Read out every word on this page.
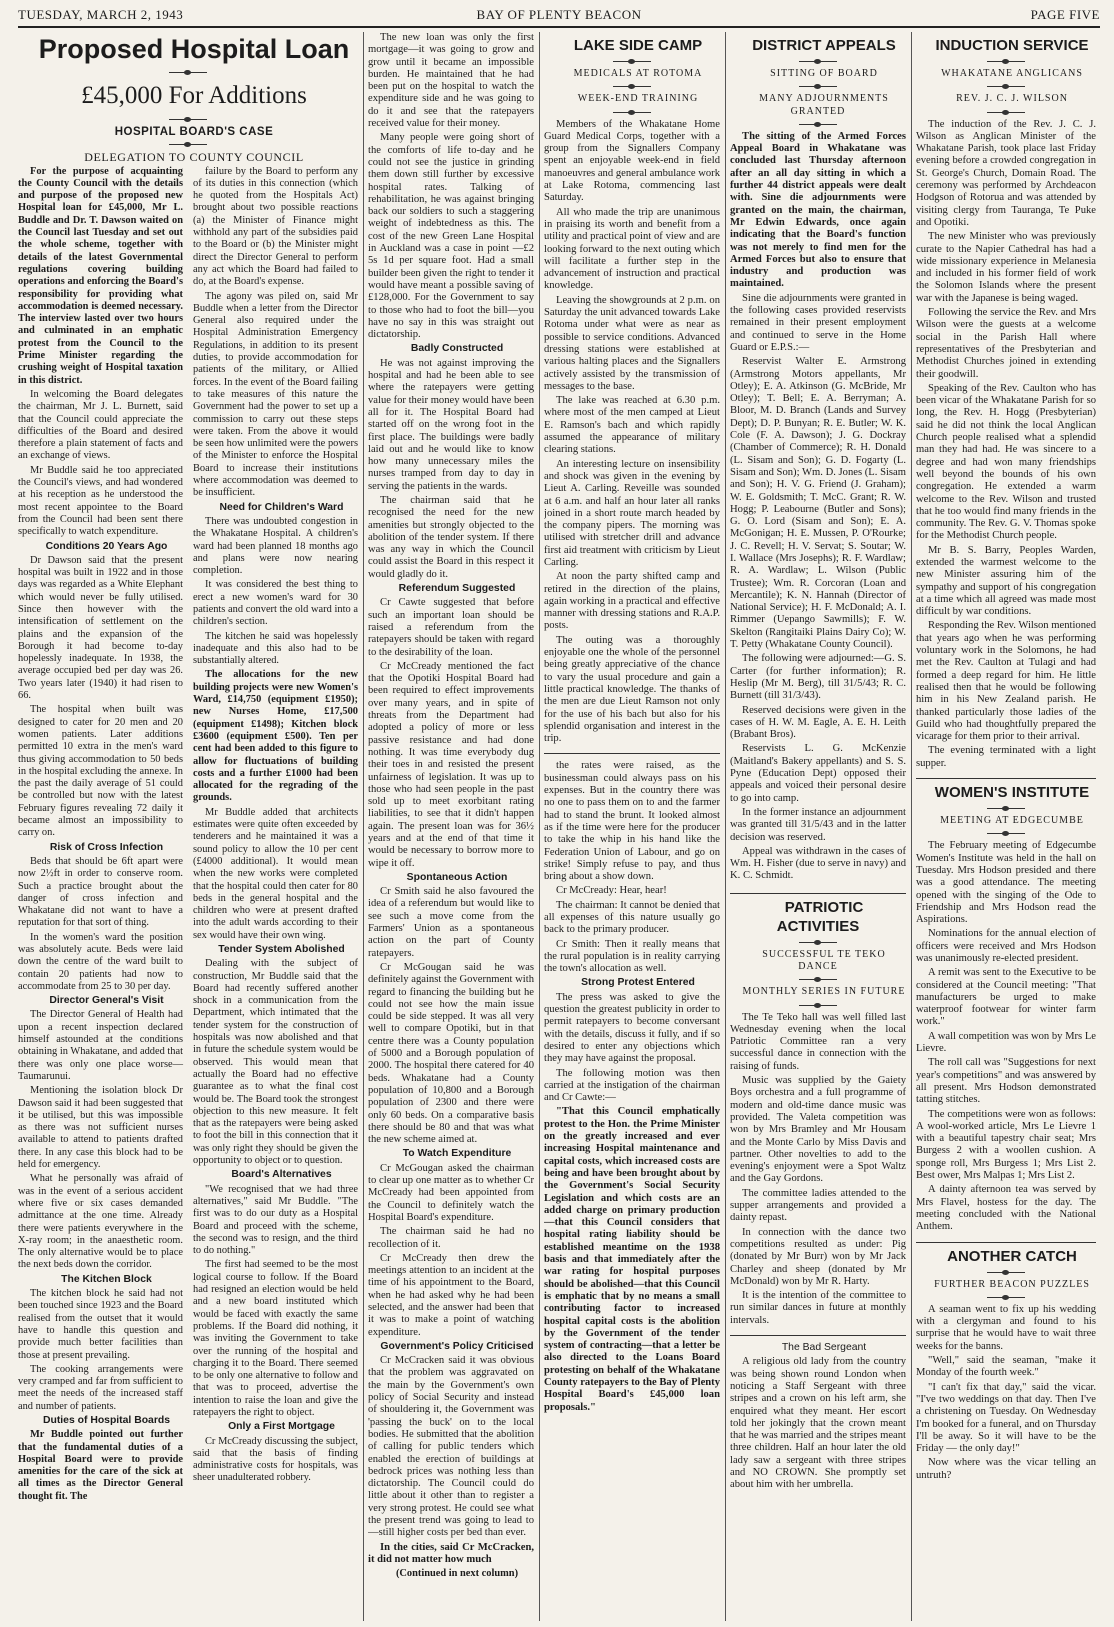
TUESDAY, MARCH 2, 1943	BAY OF PLENTY BEACON	PAGE FIVE

Proposed Hospital Loan

£45,000 For Additions

HOSPITAL BOARD'S CASE

DELEGATION TO COUNTY COUNCIL

For the purpose of acquainting the County Council with the details and purpose of the proposed new Hospital loan for £45,000, Mr L. Buddle and Dr. T. Dawson waited on the Council last Tuesday and set out the whole scheme, together with details of the latest Governmental regulations covering building operations and enforcing the Board's responsibility for providing what accommodation is deemed necessary. The interview lasted over two hours and culminated in an emphatic protest from the Council to the Prime Minister regarding the crushing weight of Hospital taxation in this district.

In welcoming the Board delegates the chairman, Mr J. L. Burnett, said that the Council could appreciate the difficulties of the Board and desired therefore a plain statement of facts and an exchange of views.

Mr Buddle said he too appreciated the Council's views, and had wondered at his reception as he understood the most recent appointee to the Board from the Council had been sent there specifically to watch expenditure.

Conditions 20 Years Ago

Dr Dawson said that the present hospital was built in 1922 and in those days was regarded as a White Elephant which would never be fully utilised. Since then however with the intensification of settlement on the plains and the expansion of the Borough it had become to-day hopelessly inadequate. In 1938, the average occupied bed per day was 26. Two years later (1940) it had risen to 66.

The hospital when built was designed to cater for 20 men and 20 women patients. Later additions permitted 10 extra in the men's ward thus giving accommodation to 50 beds in the hospital excluding the annexe. In the past the daily average of 51 could be controlled but now with the latest February figures revealing 72 daily it became almost an impossibility to carry on.

Risk of Cross Infection

Beds that should be 6ft apart were now 2½ft in order to conserve room. Such a practice brought about the danger of cross infection and Whakatane did not want to have a reputation for that sort of thing.

In the women's ward the position was absolutely acute. Beds were laid down the centre of the ward built to contain 20 patients had now to accommodate from 25 to 30 per day.

Director General's Visit

The Director General of Health had upon a recent inspection declared himself astounded at the conditions obtaining in Whakatane, and added that there was only one place worse—Taumarunui.

Mentioning the isolation block Dr Dawson said it had been suggested that it be utilised, but this was impossible as there was not sufficient nurses available to attend to patients drafted there. In any case this block had to be held for emergency.

What he personally was afraid of was in the event of a serious accident where five or six cases demanded admittance at the one time. Already there were patients everywhere in the X-ray room; in the anaesthetic room. The only alternative would be to place the next beds down the corridor.

The Kitchen Block

The kitchen block he said had not been touched since 1923 and the Board realised from the outset that it would have to handle this question and provide much better facilities than those at present prevailing.

The cooking arrangements were very cramped and far from sufficient to meet the needs of the increased staff and number of patients.

Duties of Hospital Boards

Mr Buddle pointed out further that the fundamental duties of a Hospital Board were to provide amenities for the care of the sick at all times as the Director General thought fit. The

failure by the Board to perform any of its duties in this connection (which he quoted from the Hospitals Act) brought about two possible reactions (a) the Minister of Finance might withhold any part of the subsidies paid to the Board or (b) the Minister might direct the Director General to perform any act which the Board had failed to do, at the Board's expense.

The agony was piled on, said Mr Buddle when a letter from the Director General also required under the Hospital Administration Emergency Regulations, in addition to its present duties, to provide accommodation for patients of the military, or Allied forces. In the event of the Board failing to take measures of this nature the Government had the power to set up a commission to carry out these steps were taken. From the above it would be seen how unlimited were the powers of the Minister to enforce the Hospital Board to increase their institutions where accommodation was deemed to be insufficient.

Need for Children's Ward

There was undoubted congestion in the Whakatane Hospital. A children's ward had been planned 18 months ago and plans were now nearing completion.

It was considered the best thing to erect a new women's ward for 30 patients and convert the old ward into a children's section.

The kitchen he said was hopelessly inadequate and this also had to be substantially altered.

The allocations for the new building projects were new Women's Ward, £14,750 (equipment £1950); new Nurses Home, £17,500 (equipment £1498); Kitchen block £3600 (equipment £500). Ten per cent had been added to this figure to allow for fluctuations of building costs and a further £1000 had been allocated for the regrading of the grounds.

Mr Buddle added that architects estimates were quite often exceeded by tenderers and he maintained it was a sound policy to allow the 10 per cent (£4000 additional). It would mean when the new works were completed that the hospital could then cater for 80 beds in the general hospital and the children who were at present drafted into the adult wards according to their sex would have their own wing.

Tender System Abolished

Dealing with the subject of construction, Mr Buddle said that the Board had recently suffered another shock in a communication from the Department, which intimated that the tender system for the construction of hospitals was now abolished and that in future the schedule system would be observed. This would mean that actually the Board had no effective guarantee as to what the final cost would be. The Board took the strongest objection to this new measure. It felt that as the ratepayers were being asked to foot the bill in this connection that it was only right they should be given the opportunity to object or to question.

Board's Alternatives

"We recognised that we had three alternatives," said Mr Buddle. "The first was to do our duty as a Hospital Board and proceed with the scheme, the second was to resign, and the third to do nothing."

The first had seemed to be the most logical course to follow. If the Board had resigned an election would be held and a new board instituted which would be faced with exactly the same problems. If the Board did nothing, it was inviting the Government to take over the running of the hospital and charging it to the Board. There seemed to be only one alternative to follow and that was to proceed, advertise the intention to raise the loan and give the ratepayers the right to object.

Only a First Mortgage

Cr McCready discussing the subject, said that the basis of finding administrative costs for hospitals, was sheer unadulterated robbery.

The new loan was only the first mortgage—it was going to grow and grow until it became an impossible burden. He maintained that he had been put on the hospital to watch the expenditure side and he was going to do it and see that the ratepayers received value for their money.

Many people were going short of the comforts of life to-day and he could not see the justice in grinding them down still further by excessive hospital rates. Talking of rehabilitation, he was against bringing back our soldiers to such a staggering weight of indebtedness as this. The cost of the new Green Lane Hospital in Auckland was a case in point —£2 5s 1d per square foot. Had a small builder been given the right to tender it would have meant a possible saving of £128,000. For the Government to say to those who had to foot the bill—you have no say in this was straight out dictatorship.

Badly Constructed

He was not against improving the hospital and had he been able to see where the ratepayers were getting value for their money would have been all for it. The Hospital Board had started off on the wrong foot in the first place. The buildings were badly laid out and he would like to know how many unnecessary miles the nurses tramped from day to day in serving the patients in the wards.

The chairman said that he recognised the need for the new amenities but strongly objected to the abolition of the tender system. If there was any way in which the Council could assist the Board in this respect it would gladly do it.

Referendum Suggested

Cr Cawte suggested that before such an important loan should be raised a referendum from the ratepayers should be taken with regard to the desirability of the loan.

Cr McCready mentioned the fact that the Opotiki Hospital Board had been required to effect improvements over many years, and in spite of threats from the Department had adopted a policy of more or less passive resistance and had done nothing. It was time everybody dug their toes in and resisted the present unfairness of legislation. It was up to those who had seen people in the past sold up to meet exorbitant rating liabilities, to see that it didn't happen again. The present loan was for 36½ years and at the end of that time it would be necessary to borrow more to wipe it off.

Spontaneous Action

Cr Smith said he also favoured the idea of a referendum but would like to see such a move come from the Farmers' Union as a spontaneous action on the part of County ratepayers.

Cr McGougan said he was definitely against the Government with regard to financing the building but he could not see how the main issue could be side stepped. It was all very well to compare Opotiki, but in that centre there was a County population of 5000 and a Borough population of 2000. The hospital there catered for 40 beds. Whakatane had a County population of 10,800 and a Borough population of 2300 and there were only 60 beds. On a comparative basis there should be 80 and that was what the new scheme aimed at.

To Watch Expenditure

Cr McGougan asked the chairman to clear up one matter as to whether Cr McCready had been appointed from the Council to definitely watch the Hospital Board's expenditure.

The chairman said he had no recollection of it.

Cr McCready then drew the meetings attention to an incident at the time of his appointment to the Board, when he had asked why he had been selected, and the answer had been that it was to make a point of watching expenditure.

Government's Policy Criticised

Cr McCracken said it was obvious that the problem was aggravated on the main by the Government's own policy of Social Security and instead of shouldering it, the Government was 'passing the buck' on to the local bodies. He submitted that the abolition of calling for public tenders which enabled the erection of buildings at bedrock prices was nothing less than dictatorship. The Council could do little about it other than to register a very strong protest. He could see what the present trend was going to lead to—still higher costs per bed than ever.

In the cities, said Cr McCracken, it did not matter how much

(Continued in next column)

LAKE SIDE CAMP

MEDICALS AT ROTOMA

WEEK-END TRAINING

Members of the Whakatane Home Guard Medical Corps, together with a group from the Signallers Company spent an enjoyable week-end in field manoeuvres and general ambulance work at Lake Rotoma, commencing last Saturday.

All who made the trip are unanimous in praising its worth and benefit from a utility and practical point of view and are looking forward to the next outing which will facilitate a further step in the advancement of instruction and practical knowledge.

Leaving the showgrounds at 2 p.m. on Saturday the unit advanced towards Lake Rotoma under what were as near as possible to service conditions. Advanced dressing stations were established at various halting places and the Signallers actively assisted by the transmission of messages to the base.

The lake was reached at 6.30 p.m. where most of the men camped at Lieut E. Ramson's bach and which rapidly assumed the appearance of military clearing stations.

An interesting lecture on insensibility and shock was given in the evening by Lieut A. Carling. Reveille was sounded at 6 a.m. and half an hour later all ranks joined in a short route march headed by the company pipers. The morning was utilised with stretcher drill and advance first aid treatment with criticism by Lieut Carling.

At noon the party shifted camp and retired in the direction of the plains, again working in a practical and effective manner with dressing stations and R.A.P. posts.

The outing was a thoroughly enjoyable one the whole of the personnel being greatly appreciative of the chance to vary the usual procedure and gain a little practical knowledge. The thanks of the men are due Lieut Ramson not only for the use of his bach but also for his splendid organisation and interest in the trip.

the rates were raised, as the businessman could always pass on his expenses. But in the country there was no one to pass them on to and the farmer had to stand the brunt. It looked almost as if the time were here for the producer to take the whip in his hand like the Federation Union of Labour, and go on strike! Simply refuse to pay, and thus bring about a show down.

Cr McCready: Hear, hear!

The chairman: It cannot be denied that all expenses of this nature usually go back to the primary producer.

Cr Smith: Then it really means that the rural population is in reality carrying the town's allocation as well.

Strong Protest Entered

The press was asked to give the question the greatest publicity in order to permit ratepayers to become conversant with the details, discuss it fully, and if so desired to enter any objections which they may have against the proposal.

The following motion was then carried at the instigation of the chairman and Cr Cawte:—

"That this Council emphatically protest to the Hon. the Prime Minister on the greatly increased and ever increasing Hospital maintenance and capital costs, which increased costs are being and have been brought about by the Government's Social Security Legislation and which costs are an added charge on primary production—that this Council considers that hospital rating liability should be established meantime on the 1938 basis and that immediately after the war rating for hospital purposes should be abolished—that this Council is emphatic that by no means a small contributing factor to increased hospital capital costs is the abolition by the Government of the tender system of contracting—that a letter be also directed to the Loans Board protesting on behalf of the Whakatane County ratepayers to the Bay of Plenty Hospital Board's £45,000 loan proposals."

DISTRICT APPEALS

SITTING OF BOARD

MANY ADJOURNMENTS GRANTED

The sitting of the Armed Forces Appeal Board in Whakatane was concluded last Thursday afternoon after an all day sitting in which a further 44 district appeals were dealt with. Sine die adjournments were granted on the main, the chairman, Mr Edwin Edwards, once again indicating that the Board's function was not merely to find men for the Armed Forces but also to ensure that industry and production was maintained.

Sine die adjournments were granted in the following cases provided reservists remained in their present employment and continued to serve in the Home Guard or E.P.S.:—

Reservist Walter E. Armstrong (Armstrong Motors appellants, Mr Otley); E. A. Atkinson (G. McBride, Mr Otley); T. Bell; E. A. Berryman; A. Bloor, M. D. Branch (Lands and Survey Dept); D. P. Bunyan; R. E. Butler; W. K. Cole (F. A. Dawson); J. G. Dockray (Chamber of Commerce); R. H. Donald (L. Sisam and Son); G. D. Fogarty (L. Sisam and Son); Wm. D. Jones (L. Sisam and Son); H. V. G. Friend (J. Graham); W. E. Goldsmith; T. McC. Grant; R. W. Hogg; P. Leabourne (Butler and Sons); G. O. Lord (Sisam and Son); E. A. McGonigan; H. E. Mussen, P. O'Rourke; J. C. Revell; H. V. Servat; S. Soutar; W. I. Wallace (Mrs Josephs); R. F. Wardlaw; R. A. Wardlaw; L. Wilson (Public Trustee); Wm. R. Corcoran (Loan and Mercantile); K. N. Hannah (Director of National Service); H. F. McDonald; A. I. Rimmer (Uepango Sawmills); F. W. Skelton (Rangitaiki Plains Dairy Co); W. T. Petty (Whakatane County Council).

The following were adjourned:—G. S. Carter (for further information); R. Heslip (Mr M. Berg), till 31/5/43; R. C. Burnett (till 31/3/43).

Reserved decisions were given in the cases of H. W. M. Eagle, A. E. H. Leith (Brabant Bros).

Reservists L. G. McKenzie (Maitland's Bakery appellants) and S. S. Pyne (Education Dept) opposed their appeals and voiced their personal desire to go into camp.

In the former instance an adjournment was granted till 31/5/43 and in the latter decision was reserved.

Appeal was withdrawn in the cases of Wm. H. Fisher (due to serve in navy) and K. C. Schmidt.

PATRIOTIC ACTIVITIES

SUCCESSFUL TE TEKO DANCE

MONTHLY SERIES IN FUTURE

The Te Teko hall was well filled last Wednesday evening when the local Patriotic Committee ran a very successful dance in connection with the raising of funds.

Music was supplied by the Gaiety Boys orchestra and a full programme of modern and old-time dance music was provided. The Valeta competition was won by Mrs Bramley and Mr Housam and the Monte Carlo by Miss Davis and partner. Other novelties to add to the evening's enjoyment were a Spot Waltz and the Gay Gordons.

The committee ladies attended to the supper arrangements and provided a dainty repast.

In connection with the dance two competitions resulted as under: Pig (donated by Mr Burr) won by Mr Jack Charley and sheep (donated by Mr McDonald) won by Mr R. Harty.

It is the intention of the committee to run similar dances in future at monthly intervals.

The Bad Sergeant

A religious old lady from the country was being shown round London when noticing a Staff Sergeant with three stripes and a crown on his left arm, she enquired what they meant. Her escort told her jokingly that the crown meant that he was married and the stripes meant three children. Half an hour later the old lady saw a sergeant with three stripes and NO CROWN. She promptly set about him with her umbrella.

INDUCTION SERVICE

WHAKATANE ANGLICANS

REV. J. C. J. WILSON

The induction of the Rev. J. C. J. Wilson as Anglican Minister of the Whakatane Parish, took place last Friday evening before a crowded congregation in St. George's Church, Domain Road. The ceremony was performed by Archdeacon Hodgson of Rotorua and was attended by visiting clergy from Tauranga, Te Puke and Opotiki.

The new Minister who was previously curate to the Napier Cathedral has had a wide missionary experience in Melanesia and included in his former field of work the Solomon Islands where the present war with the Japanese is being waged.

Following the service the Rev. and Mrs Wilson were the guests at a welcome social in the Parish Hall where representatives of the Presbyterian and Methodist Churches joined in extending their goodwill.

Speaking of the Rev. Caulton who has been vicar of the Whakatane Parish for so long, the Rev. H. Hogg (Presbyterian) said he did not think the local Anglican Church people realised what a splendid man they had had. He was sincere to a degree and had won many friendships well beyond the bounds of his own congregation. He extended a warm welcome to the Rev. Wilson and trusted that he too would find many friends in the community. The Rev. G. V. Thomas spoke for the Methodist Church people.

Mr B. S. Barry, Peoples Warden, extended the warmest welcome to the new Minister assuring him of the sympathy and support of his congregation at a time which all agreed was made most difficult by war conditions.

Responding the Rev. Wilson mentioned that years ago when he was performing voluntary work in the Solomons, he had met the Rev. Caulton at Tulagi and had formed a deep regard for him. He little realised then that he would be following him in his New Zealand parish. He thanked particularly those ladies of the Guild who had thoughtfully prepared the vicarage for them prior to their arrival.

The evening terminated with a light supper.

WOMEN'S INSTITUTE

MEETING AT EDGECUMBE

The February meeting of Edgecumbe Women's Institute was held in the hall on Tuesday. Mrs Hodson presided and there was a good attendance. The meeting opened with the singing of the Ode to Friendship and Mrs Hodson read the Aspirations.

Nominations for the annual election of officers were received and Mrs Hodson was unanimously re-elected president.

A remit was sent to the Executive to be considered at the Council meeting: "That manufacturers be urged to make waterproof footwear for winter farm work."

A wall competition was won by Mrs Le Lievre.

The roll call was "Suggestions for next year's competitions" and was answered by all present. Mrs Hodson demonstrated tatting stitches.

The competitions were won as follows: A wool-worked article, Mrs Le Lievre 1 with a beautiful tapestry chair seat; Mrs Burgess 2 with a woollen cushion. A sponge roll, Mrs Burgess 1; Mrs List 2. Best ower, Mrs Malpas 1; Mrs List 2.

A dainty afternoon tea was served by Mrs Flavel, hostess for the day. The meeting concluded with the National Anthem.

ANOTHER CATCH

FURTHER BEACON PUZZLES

A seaman went to fix up his wedding with a clergyman and found to his surprise that he would have to wait three weeks for the banns.

"Well," said the seaman, "make it Monday of the fourth week."

"I can't fix that day," said the vicar. "I've two weddings on that day. Then I've a christening on Tuesday. On Wednesday I'm booked for a funeral, and on Thursday I'll be away. So it will have to be the Friday — the only day!"

Now where was the vicar telling an untruth?
